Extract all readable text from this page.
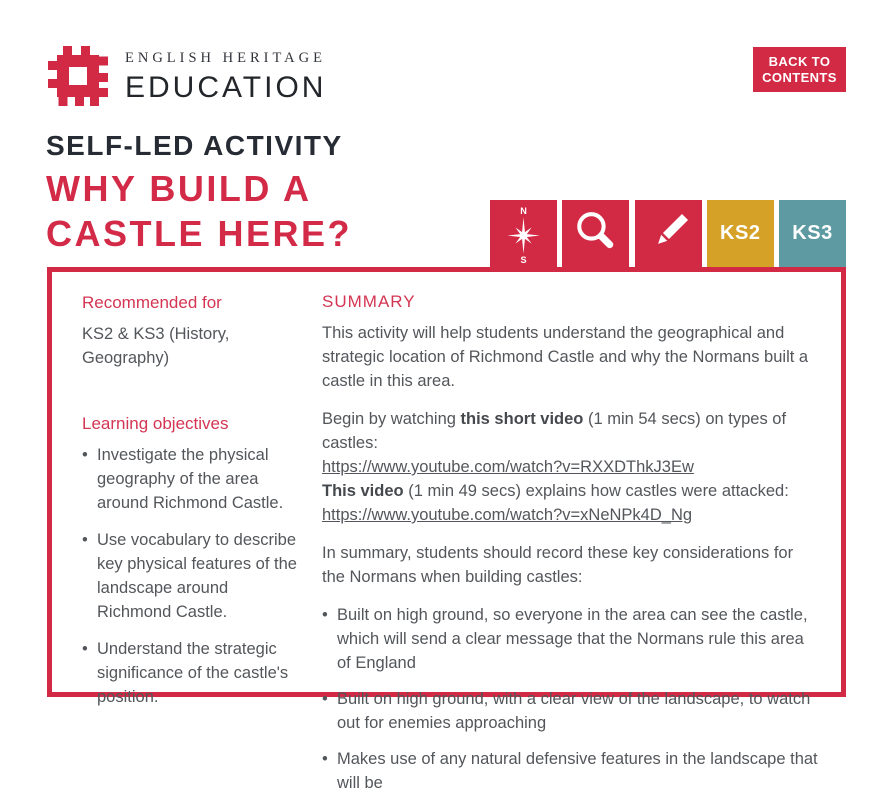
ENGLISH HERITAGE
EDUCATION
BACK TO
CONTENTS
SELF-LED ACTIVITY
WHY BUILD A
CASTLE HERE?
N
S
KS2 KS3
Recommended for

KS2 & KS3 (History, Geography)

Learning objectives
• Investigate the physical geography of the area around Richmond Castle.
• Use vocabulary to describe key physical features of the landscape around Richmond Castle.
• Understand the strategic significance of the castle's position.
SUMMARY

This activity will help students understand the geographical and strategic location of Richmond Castle and why the Normans built a castle in this area.

Begin by watching this short video (1 min 54 secs) on types of castles:
https://www.youtube.com/watch?v=RXXDThkJ3Ew
This video (1 min 49 secs) explains how castles were attacked:
https://www.youtube.com/watch?v=xNeNPk4D_Ng

In summary, students should record these key considerations for the Normans when building castles:

• Built on high ground, so everyone in the area can see the castle, which will send a clear message that the Normans rule this area of England
• Built on high ground, with a clear view of the landscape, to watch out for enemies approaching
• Makes use of any natural defensive features in the landscape that will be
